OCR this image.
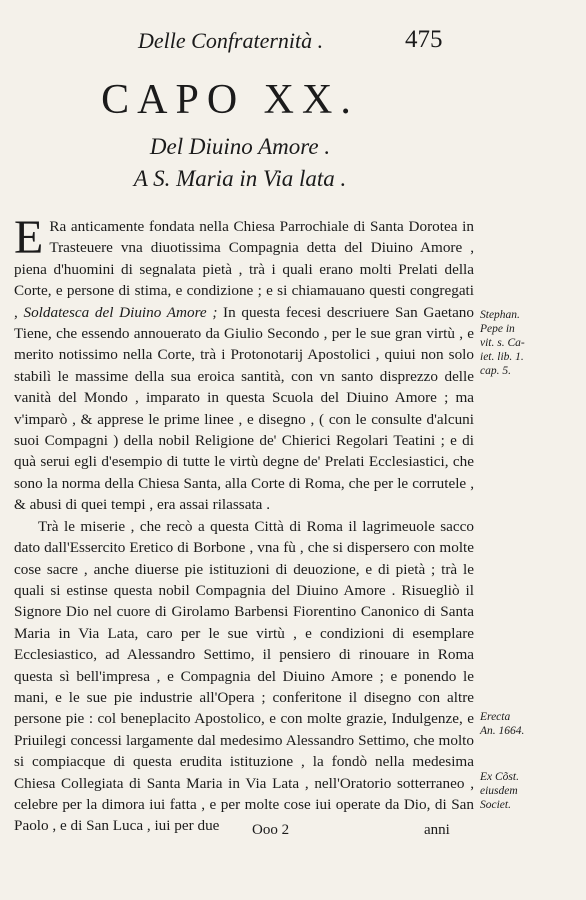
Delle Confraternità .	475
CAPO XX.
Del Diuino Amore .
A S. Maria in Via lata .

E Ra anticamente fondata nella Chiesa Parrochiale di Santa Dorotea in Trasteuere vna diuotissima Compagnia detta del Diuino Amore , piena d'huomini di segnalata pietà , trà i quali erano molti Prelati della Corte, e persone di stima, e condizione ; e si chiamauano questi congregati , Soldatesca del Diuino Amore ; In questa fecesi descriuere San Gaetano Tiene, che essendo annouerato da Giulio Secondo , per le sue gran virtù , e merito notissimo nella Corte, trà i Protonotarij Apostolici , quiui non solo stabilì le massime della sua eroica santità, con vn santo disprezzo delle vanità del Mondo , imparato in questa Scuola del Diuino Amore ; ma v'imparò , & apprese le prime linee , e disegno , ( con le consulte d'alcuni suoi Compagni ) della nobil Religione de' Chierici Regolari Teatini ; e di quà serui egli d'esempio di tutte le virtù degne de' Prelati Ecclesiastici, che sono la norma della Chiesa Santa, alla Corte di Roma, che per le corrutele , & abusi di quei tempi , era assai rilassata .

Trà le miserie , che recò a questa Città di Roma il lagrimeuole sacco dato dall'Essercito Eretico di Borbone , vna fù , che si dispersero con molte cose sacre , anche diuerse pie istituzioni di deuozione, e di pietà ; trà le quali si estinse questa nobil Compagnia del Diuino Amore . Risuegliò il Signore Dio nel cuore di Girolamo Barbensi Fiorentino Canonico di Santa Maria in Via Lata, caro per le sue virtù , e condizioni di esemplare Ecclesiastico, ad Alessandro Settimo, il pensiero di rinouare in Roma questa sì bell'impresa , e Compagnia del Diuino Amore ; e ponendo le mani, e le sue pie industrie all'Opera ; conferitone il disegno con altre persone pie : col beneplacito Apostolico, e con molte grazie, Indulgenze, e Priuilegi concessi largamente dal medesimo Alessandro Settimo, che molto si compiacque di questa erudita istituzione , la fondò nella medesima Chiesa Collegiata di Santa Maria in Via Lata , nell'Oratorio sotterraneo , celebre per la dimora iui fatta , e per molte cose iui operate da Dio, di San Paolo , e di San Luca , iui per due

Stephan.
Pepe in
vit. s. Ca-
iet. lib. 1.
cap. 5.
Erecta
An. 1664.
Ex Cõst.
eiusdem
Societ.
Ooo 2	anni
